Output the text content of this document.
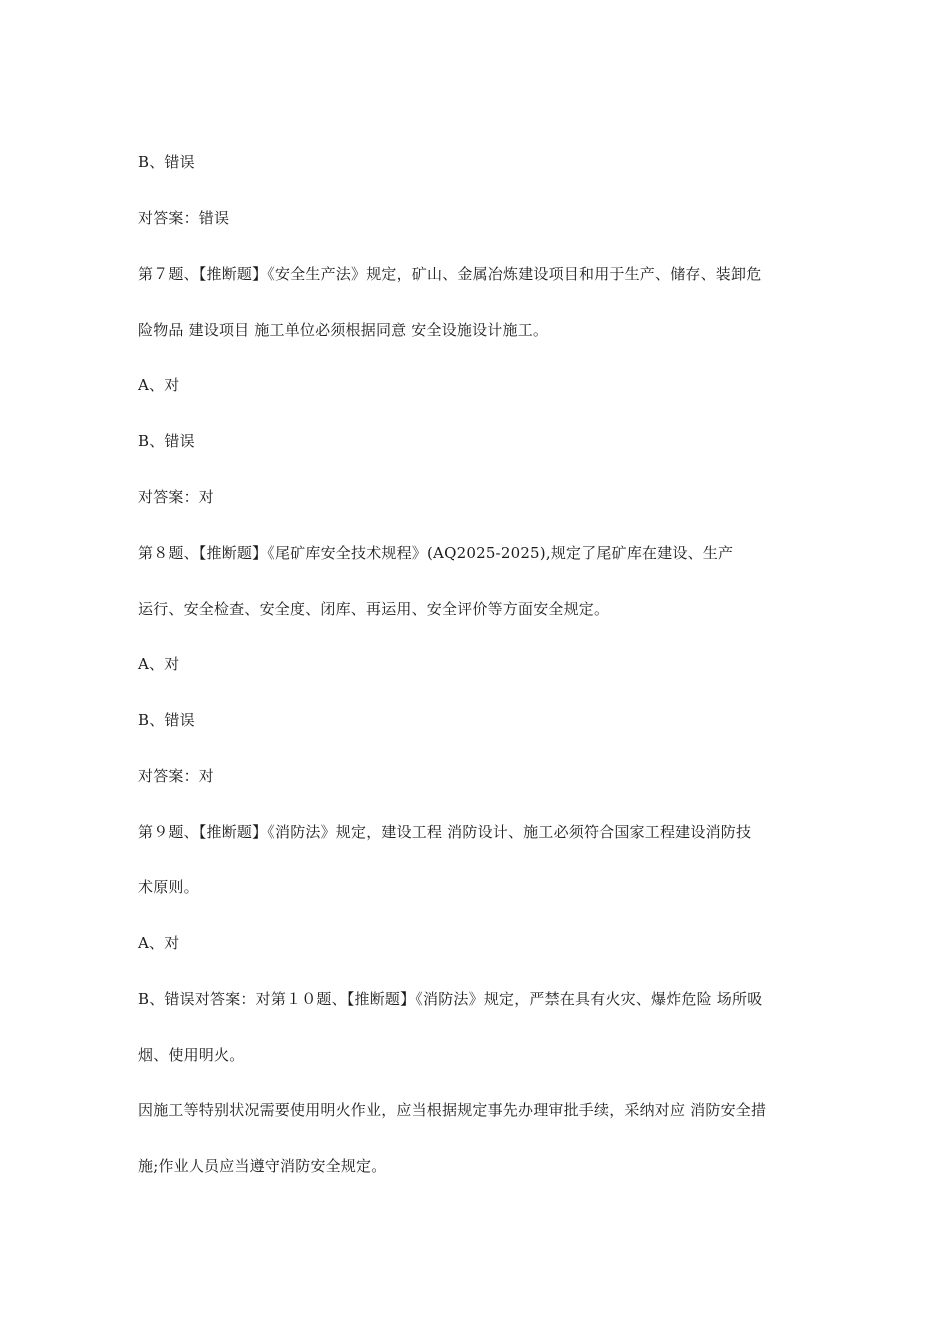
B、错误
对答案：错误
第７题、【推断题】《安全生产法》规定，矿山、金属冶炼建设项目和用于生产、储存、装卸危
险物品 建设项目 施工单位必须根据同意 安全设施设计施工。
A、对
B、错误
对答案：对
第８题、【推断题】《尾矿库安全技术规程》(AQ2025-2025),规定了尾矿库在建设、生产
运行、安全检查、安全度、闭库、再运用、安全评价等方面安全规定。
A、对
B、错误
对答案：对
第９题、【推断题】《消防法》规定，建设工程 消防设计、施工必须符合国家工程建设消防技
术原则。
A、对
B、错误对答案：对第１０题、【推断题】《消防法》规定，严禁在具有火灾、爆炸危险 场所吸
烟、使用明火。
因施工等特别状况需要使用明火作业，应当根据规定事先办理审批手续，采纳对应 消防安全措
施;作业人员应当遵守消防安全规定。
